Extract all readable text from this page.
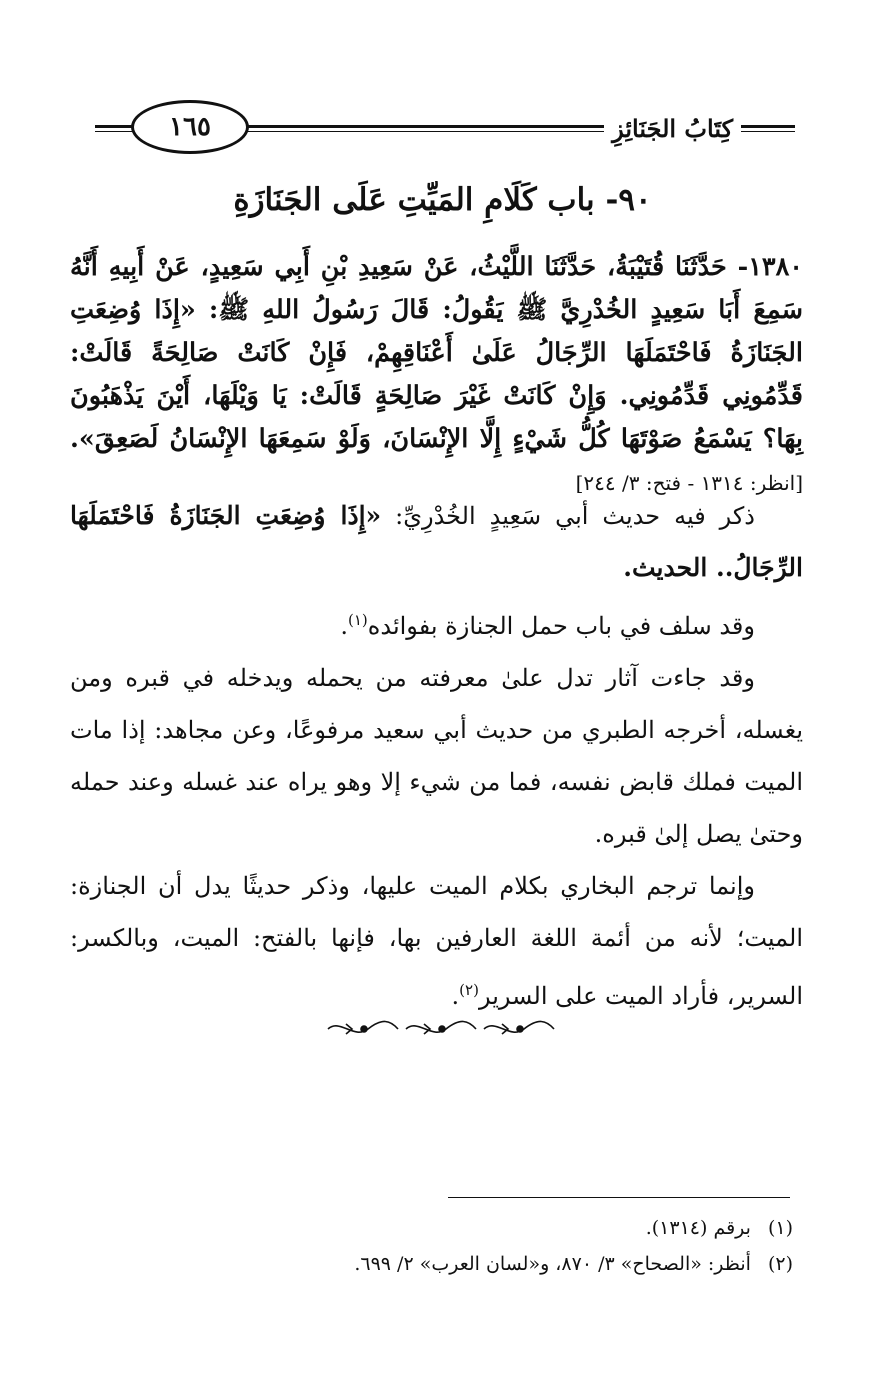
١٦٥	كِتَابُ الجَنَائِزِ
٩٠- باب كَلَامِ المَيِّتِ عَلَى الجَنَازَةِ
١٣٨٠- حَدَّثَنَا قُتَيْبَةُ، حَدَّثَنَا اللَّيْثُ، عَنْ سَعِيدِ بْنِ أَبِي سَعِيدٍ، عَنْ أَبِيهِ أَنَّهُ سَمِعَ أَبَا سَعِيدٍ الخُدْرِيَّ ﷺ يَقُولُ: قَالَ رَسُولُ اللهِ ﷺ: «إِذَا وُضِعَتِ الجَنَازَةُ فَاحْتَمَلَهَا الرِّجَالُ عَلَىٰ أَعْنَاقِهِمْ، فَإِنْ كَانَتْ صَالِحَةً قَالَتْ: قَدِّمُونِي قَدِّمُونِي. وَإِنْ كَانَتْ غَيْرَ صَالِحَةٍ قَالَتْ: يَا وَيْلَهَا، أَيْنَ يَذْهَبُونَ بِهَا؟ يَسْمَعُ صَوْتَهَا كُلُّ شَيْءٍ إِلَّا الإِنْسَانَ، وَلَوْ سَمِعَهَا الإِنْسَانُ لَصَعِقَ». [انظر: ١٣١٤ - فتح: ٣/ ٢٤٤]

ذكر فيه حديث أبي سَعِيدٍ الخُدْرِيِّ: «إِذَا وُضِعَتِ الجَنَازَةُ فَاحْتَمَلَهَا الرِّجَالُ.. الحديث.

وقد سلف في باب حمل الجنازة بفوائده$^{(١)}$.

وقد جاءت آثار تدل علىٰ معرفته من يحمله ويدخله في قبره ومن يغسله، أخرجه الطبري من حديث أبي سعيد مرفوعًا، وعن مجاهد: إذا مات الميت فملك قابض نفسه، فما من شيء إلا وهو يراه عند غسله وعند حمله وحتىٰ يصل إلىٰ قبره.

وإنما ترجم البخاري بكلام الميت عليها، وذكر حديثًا يدل أن الجنازة: الميت؛ لأنه من أئمة اللغة العارفين بها، فإنها بالفتح: الميت، وبالكسر: السرير، فأراد الميت على السرير$^{(٢)}$.

(١) برقم (١٣١٤).
(٢) أنظر: «الصحاح» ٣/ ٨٧٠، و«لسان العرب» ٢/ ٦٩٩.
